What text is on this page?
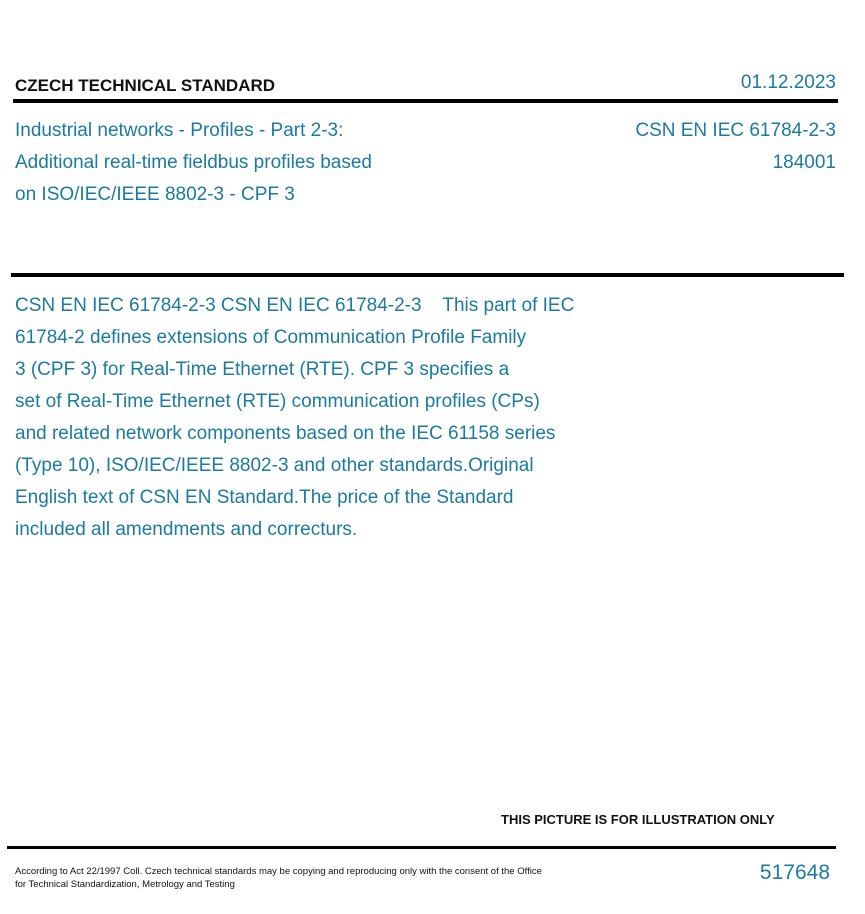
CZECH TECHNICAL STANDARD	01.12.2023
Industrial networks - Profiles - Part 2-3:
Additional real-time fieldbus profiles based
on ISO/IEC/IEEE 8802-3 - CPF 3
CSN EN IEC 61784-2-3
184001
CSN EN IEC 61784-2-3 CSN EN IEC 61784-2-3    This part of IEC
61784-2 defines extensions of Communication Profile Family
3 (CPF 3) for Real-Time Ethernet (RTE). CPF 3 specifies a
set of Real-Time Ethernet (RTE) communication profiles (CPs)
and related network components based on the IEC 61158 series
(Type 10), ISO/IEC/IEEE 8802-3 and other standards.Original
English text of CSN EN Standard.The price of the Standard
included all amendments and correcturs.
THIS PICTURE IS FOR ILLUSTRATION ONLY
According to Act 22/1997 Coll. Czech technical standards may be copying and reproducing only with the consent of the Office
for Technical Standardization, Metrology and Testing
517648
